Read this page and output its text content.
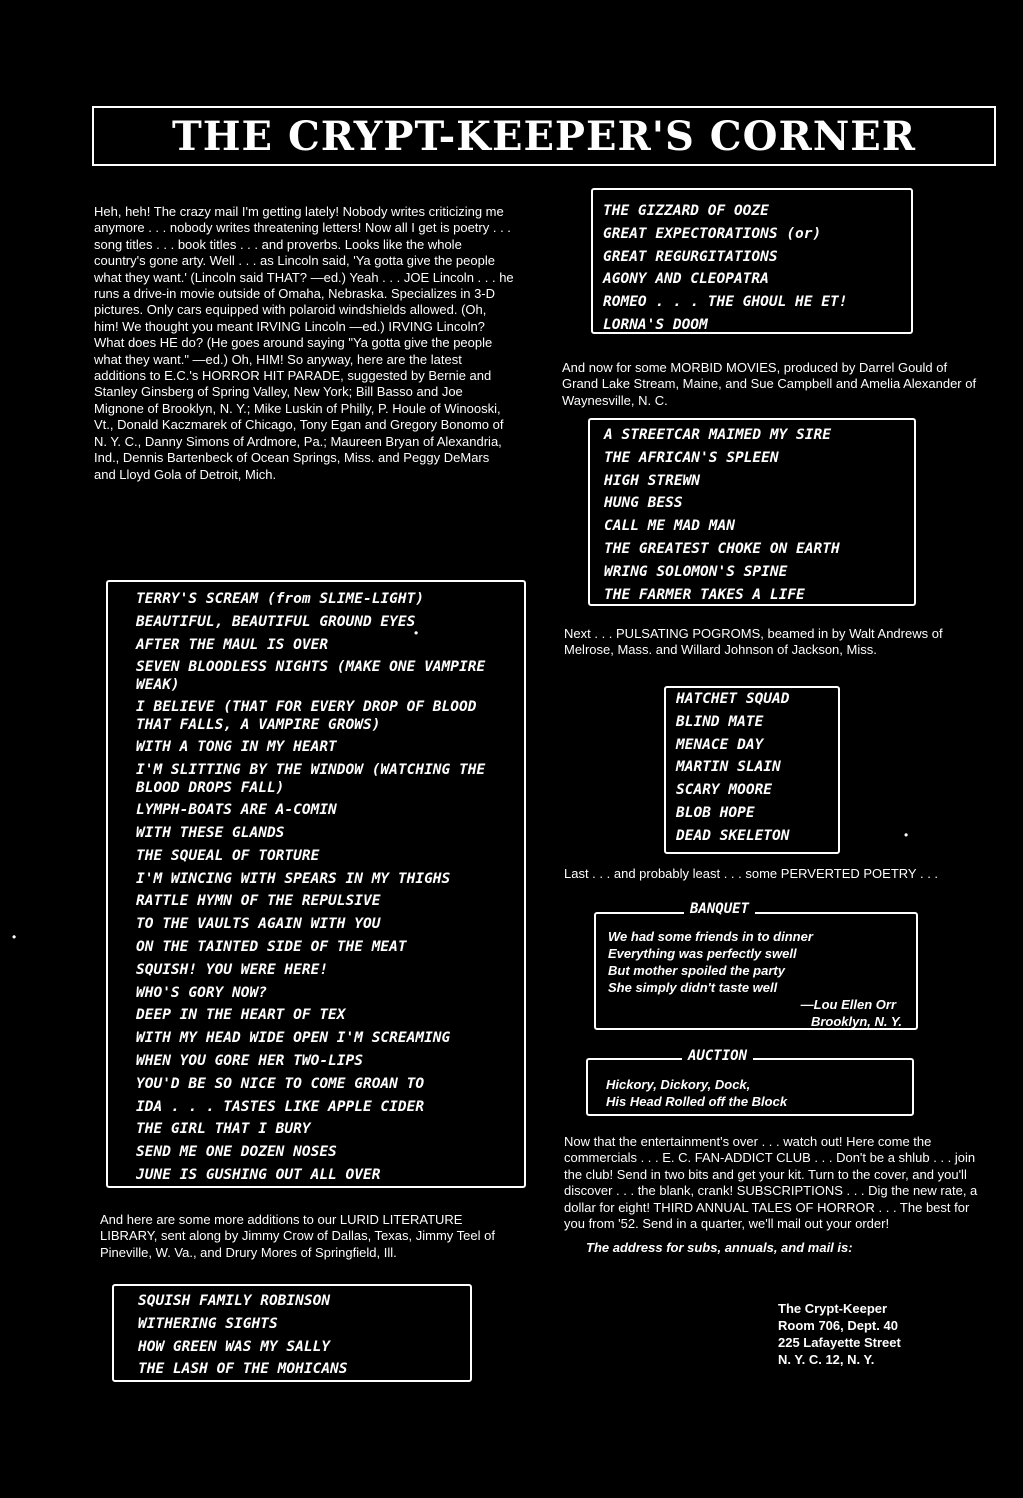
THE CRYPT-KEEPER'S CORNER

Heh, heh! The crazy mail I'm getting lately! Nobody writes criticizing me anymore . . . nobody writes threatening letters! Now all I get is poetry . . . song titles . . . book titles . . . and proverbs. Looks like the whole country's gone arty. Well . . . as Lincoln said, 'Ya gotta give the people what they want.' (Lincoln said THAT? —ed.) Yeah . . . JOE Lincoln . . . he runs a drive-in movie outside of Omaha, Nebraska. Specializes in 3-D pictures. Only cars equipped with polaroid windshields allowed. (Oh, him! We thought you meant IRVING Lincoln —ed.) IRVING Lincoln? What does HE do? (He goes around saying "Ya gotta give the people what they want." —ed.) Oh, HIM! So anyway, here are the latest additions to E.C.'s HORROR HIT PARADE, suggested by Bernie and Stanley Ginsberg of Spring Valley, New York; Bill Basso and Joe Mignone of Brooklyn, N. Y.; Mike Luskin of Philly, P. Houle of Winooski, Vt., Donald Kaczmarek of Chicago, Tony Egan and Gregory Bonomo of N. Y. C., Danny Simons of Ardmore, Pa.; Maureen Bryan of Alexandria, Ind., Dennis Bartenbeck of Ocean Springs, Miss. and Peggy DeMars and Lloyd Gola of Detroit, Mich.

TERRY'S SCREAM (from SLIME-LIGHT)
BEAUTIFUL, BEAUTIFUL GROUND EYES
AFTER THE MAUL IS OVER
SEVEN BLOODLESS NIGHTS (MAKE ONE VAMPIRE WEAK)
I BELIEVE (THAT FOR EVERY DROP OF BLOOD THAT FALLS, A VAMPIRE GROWS)
WITH A TONG IN MY HEART
I'M SLITTING BY THE WINDOW (WATCHING THE BLOOD DROPS FALL)
LYMPH-BOATS ARE A-COMIN
WITH THESE GLANDS
THE SQUEAL OF TORTURE
I'M WINCING WITH SPEARS IN MY THIGHS
RATTLE HYMN OF THE REPULSIVE
TO THE VAULTS AGAIN WITH YOU
ON THE TAINTED SIDE OF THE MEAT
SQUISH! YOU WERE HERE!
WHO'S GORY NOW?
DEEP IN THE HEART OF TEX
WITH MY HEAD WIDE OPEN I'M SCREAMING
WHEN YOU GORE HER TWO-LIPS
YOU'D BE SO NICE TO COME GROAN TO
IDA . . . TASTES LIKE APPLE CIDER
THE GIRL THAT I BURY
SEND ME ONE DOZEN NOSES
JUNE IS GUSHING OUT ALL OVER

And here are some more additions to our LURID LITERATURE LIBRARY, sent along by Jimmy Crow of Dallas, Texas, Jimmy Teel of Pineville, W. Va., and Drury Mores of Springfield, Ill.

SQUISH FAMILY ROBINSON
WITHERING SIGHTS
HOW GREEN WAS MY SALLY
THE LASH OF THE MOHICANS
THE GIZZARD OF OOZE
GREAT EXPECTORATIONS (or)
GREAT REGURGITATIONS
AGONY AND CLEOPATRA
ROMEO . . . THE GHOUL HE ET!
LORNA'S DOOM

And now for some MORBID MOVIES, produced by Darrel Gould of Grand Lake Stream, Maine, and Sue Campbell and Amelia Alexander of Waynesville, N. C.

A STREETCAR MAIMED MY SIRE
THE AFRICAN'S SPLEEN
HIGH STREWN
HUNG BESS
CALL ME MAD MAN
THE GREATEST CHOKE ON EARTH
WRING SOLOMON'S SPINE
THE FARMER TAKES A LIFE

Next . . . PULSATING POGROMS, beamed in by Walt Andrews of Melrose, Mass. and Willard Johnson of Jackson, Miss.

HATCHET SQUAD
BLIND MATE
MENACE DAY
MARTIN SLAIN
SCARY MOORE
BLOB HOPE
DEAD SKELETON

Last . . . and probably least . . . some PERVERTED POETRY . . .

We had some friends in to dinner
Everything was perfectly swell
But mother spoiled the party
She simply didn't taste well
—Lou Ellen Orr
Brooklyn, N. Y.
BANQUET
Hickory, Dickory, Dock,
His Head Rolled off the Block
AUCTION

Now that the entertainment's over . . . watch out! Here come the commercials . . . E. C. FAN-ADDICT CLUB . . . Don't be a shlub . . . join the club! Send in two bits and get your kit. Turn to the cover, and you'll discover . . . the blank, crank! SUBSCRIPTIONS . . . Dig the new rate, a dollar for eight! THIRD ANNUAL TALES OF HORROR . . . The best for you from '52. Send in a quarter, we'll mail out your order!

The address for subs, annuals, and mail is:

The Crypt-Keeper
Room 706, Dept. 40
225 Lafayette Street
N. Y. C. 12, N. Y.
•
•
•
